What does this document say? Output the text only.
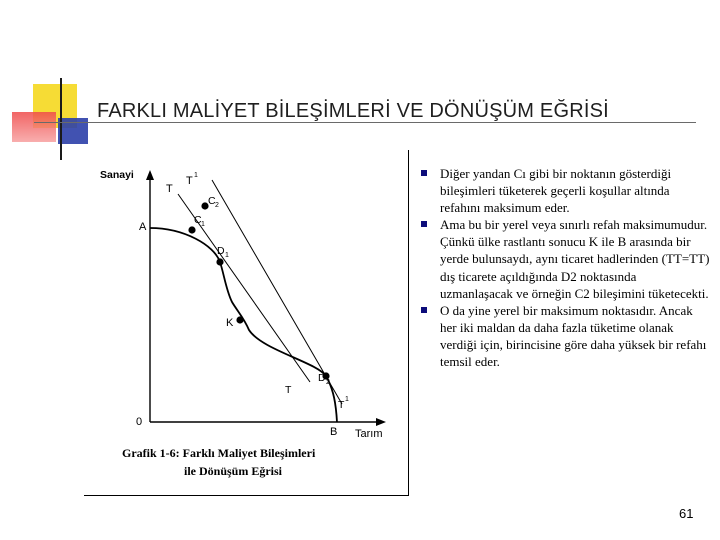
FARKLI MALİYET BİLEŞİMLERİ VE DÖNÜŞÜM EĞRİSİ
Sanayi
Tarım
0
A
B
T
T 1
C 2
C 1
D 1
K
D 2
T
T 1
Grafik 1-6: Farklı Maliyet Bileşimleri
ile Dönüşüm Eğrisi
Diğer yandan Cı gibi bir noktanın gösterdiği bileşimleri tüketerek geçerli koşullar altında refahını maksimum eder.
Ama bu bir yerel veya sınırlı refah maksimumudur. Çünkü ülke rastlantı sonucu K ile B arasında bir yerde bulunsaydı, aynı ticaret hadlerinden (TT=TT) dış ticarete açıldığında D2 noktasında uzmanlaşacak ve örneğin C2 bileşimini tüketecekti.
O da yine yerel bir maksimum noktasıdır. Ancak her iki maldan da daha fazla tüketime olanak verdiği için, birincisine göre daha yüksek bir refahı temsil eder.
61
